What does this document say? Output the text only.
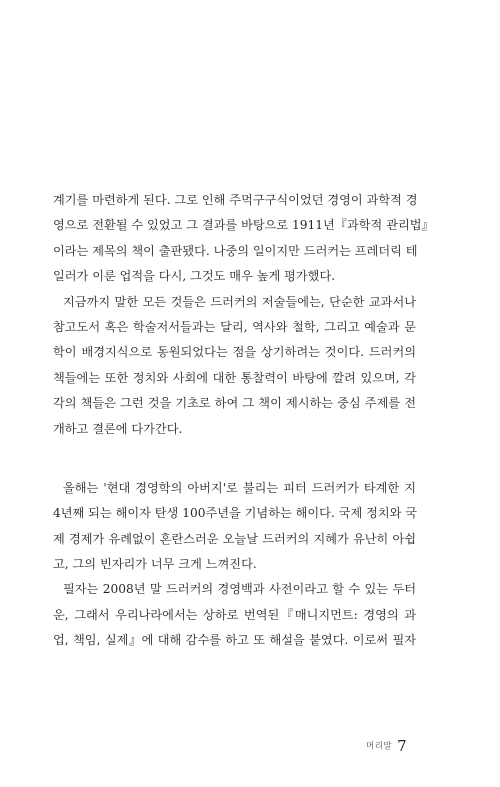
계기를 마련하게 된다. 그로 인해 주먹구구식이었던 경영이 과학적 경
영으로 전환될 수 있었고 그 결과를 바탕으로 1911년『과학적 관리법』
이라는 제목의 책이 출판됐다. 나중의 일이지만 드러커는 프레더릭 테
일러가 이룬 업적을 다시, 그것도 매우 높게 평가했다.
지금까지 말한 모든 것들은 드러커의 저술들에는, 단순한 교과서나
참고도서 혹은 학술저서들과는 달리, 역사와 철학, 그리고 예술과 문
학이 배경지식으로 동원되었다는 점을 상기하려는 것이다. 드러커의
책들에는 또한 정치와 사회에 대한 통찰력이 바탕에 깔려 있으며, 각
각의 책들은 그런 것을 기초로 하여 그 책이 제시하는 중심 주제를 전
개하고 결론에 다가간다.
올해는 '현대 경영학의 아버지'로 불리는 피터 드러커가 타계한 지
4년째 되는 해이자 탄생 100주년을 기념하는 해이다. 국제 정치와 국
제 경제가 유례없이 혼란스러운 오늘날 드러커의 지혜가 유난히 아쉽
고, 그의 빈자리가 너무 크게 느껴진다.
필자는 2008년 말 드러커의 경영백과 사전이라고 할 수 있는 두터
운, 그래서 우리나라에서는 상하로 번역된『매니지먼트: 경영의 과
업, 책임, 실제』에 대해 감수를 하고 또 해설을 붙였다. 이로써 필자
머리말 7
